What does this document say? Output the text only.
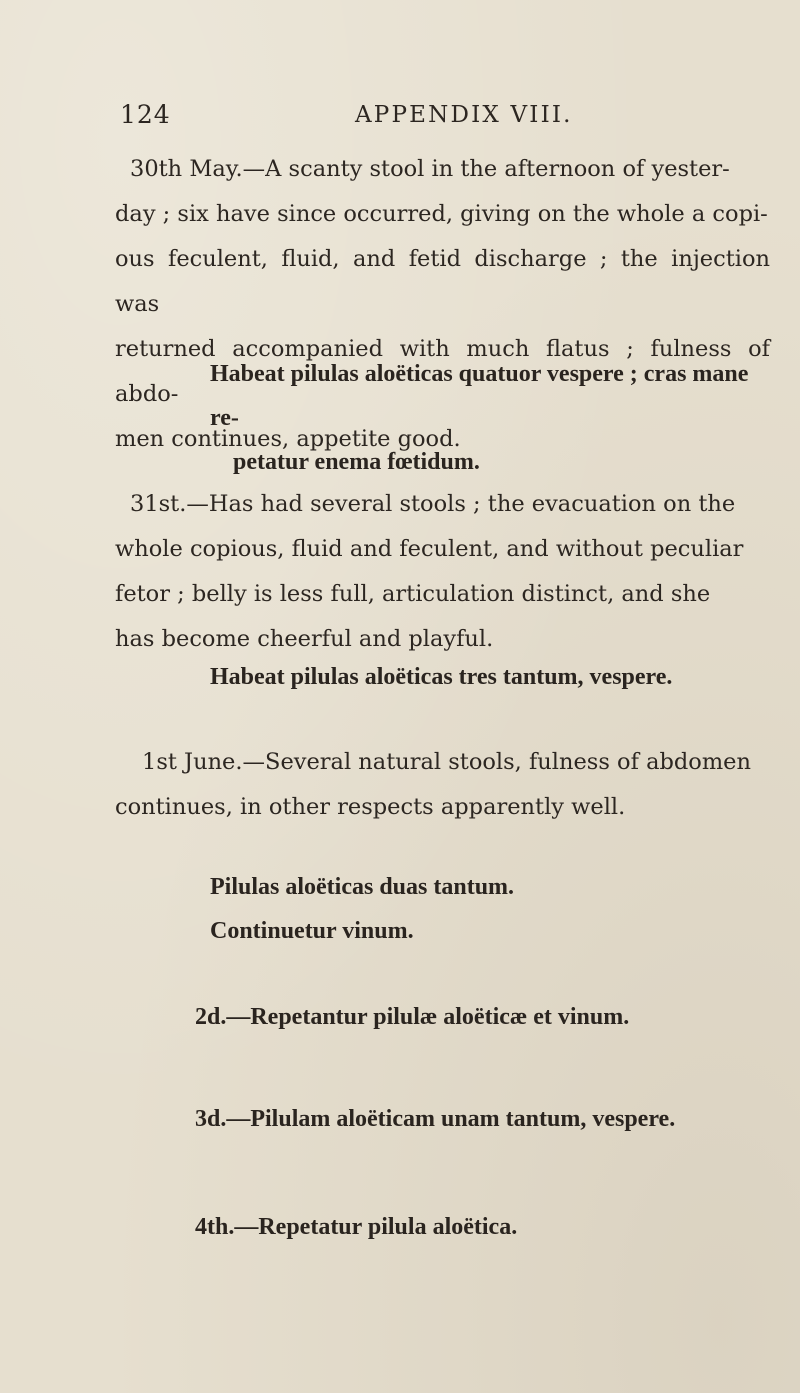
124	APPENDIX VIII.
30th May.—A scanty stool in the afternoon of yester-
day ; six have since occurred, giving on the whole a copi-
ous feculent, fluid, and fetid discharge ; the injection was
returned accompanied with much flatus ; fulness of abdo-
men continues, appetite good.
Habeat pilulas aloëticas quatuor vespere ; cras mane re-
petatur enema fœtidum.
31st.—Has had several stools ; the evacuation on the
whole copious, fluid and feculent, and without peculiar
fetor ; belly is less full, articulation distinct, and she
has become cheerful and playful.
Habeat pilulas aloëticas tres tantum, vespere.
1st June.—Several natural stools, fulness of abdomen
continues, in other respects apparently well.
Pilulas aloëticas duas tantum.
Continuetur vinum.
2d.—Repetantur pilulæ aloëticæ et vinum.
3d.—Pilulam aloëticam unam tantum, vespere.
4th.—Repetatur pilula aloëtica.
